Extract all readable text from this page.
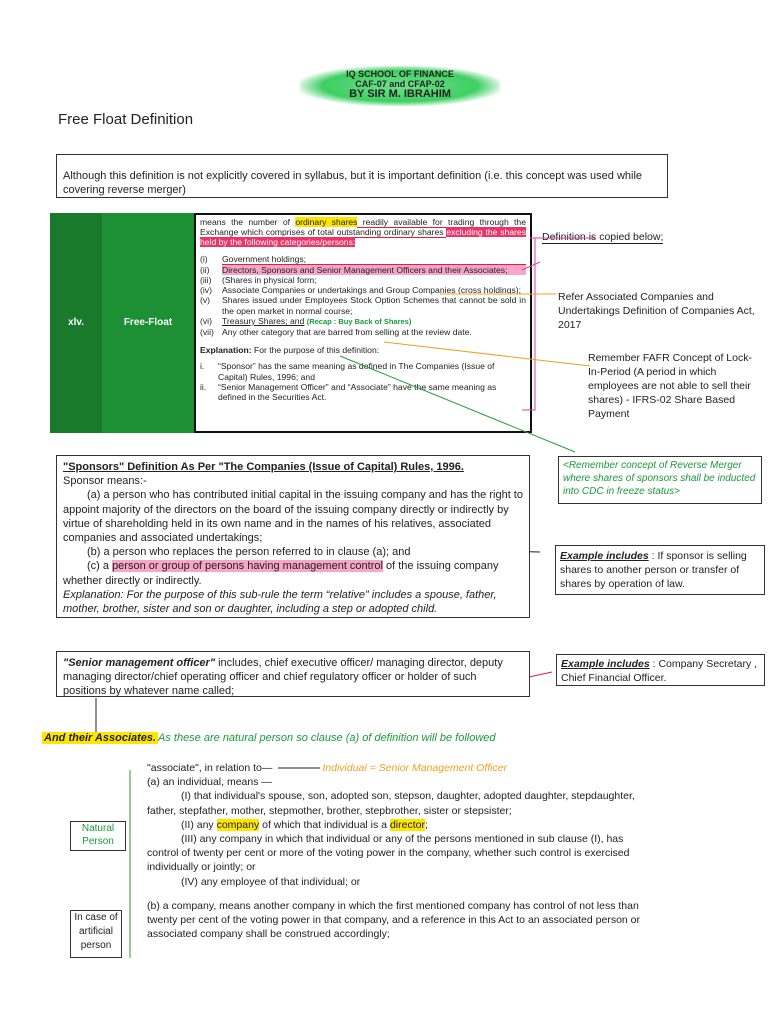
IQ SCHOOL OF FINANCE
CAF-07 and CFAP-02
BY SIR M. IBRAHIM
Free Float Definition
Although this definition is not explicitly covered in syllabus, but it is important definition (i.e. this concept was used while covering reverse merger)
xlv.	Free-Float
means the number of ordinary shares readily available for trading through the Exchange which comprises of total outstanding ordinary shares excluding the shares held by the following categories/persons:
(i)	Government holdings;
(ii)	Directors, Sponsors and Senior Management Officers and their Associates;
(iii)	(Shares in physical form;
(iv)	Associate Companies or undertakings and Group Companies (cross holdings);
(v)	Shares issued under Employees Stock Option Schemes that cannot be sold in the open market in normal course;
(vi)	Treasury Shares; and (Recap : Buy Back of Shares)
(vii) Any other category that are barred from selling at the review date.
Explanation: For the purpose of this definition:
i.	“Sponsor” has the same meaning as defined in The Companies (Issue of Capital) Rules, 1996; and
ii.	“Senior Management Officer” and “Associate” have the same meaning as defined in the Securities Act.
Definition is copied below;
Refer Associated Companies and Undertakings Definition of Companies Act, 2017
Remember FAFR Concept of Lock-In-Period (A period in which employees are not able to sell their shares) - IFRS-02 Share Based Payment
<Remember concept of Reverse Merger where shares of sponsors shall be inducted into CDC in freeze status>
"Sponsors" Definition As Per "The Companies (Issue of Capital) Rules, 1996.
Sponsor means:-
(a) a person who has contributed initial capital in the issuing company and has the right to appoint majority of the directors on the board of the issuing company directly or indirectly by virtue of shareholding held in its own name and in the names of his relatives, associated companies and associated undertakings;
(b) a person who replaces the person referred to in clause (a); and
(c) a person or group of persons having management control of the issuing company whether directly or indirectly.
Explanation: For the purpose of this sub-rule the term “relative” includes a spouse, father, mother, brother, sister and son or daughter, including a step or adopted child.
Example includes : If sponsor is selling shares to another person or transfer of shares by operation of law.
"Senior management officer" includes, chief executive officer/ managing director, deputy managing director/chief operating officer and chief regulatory officer or holder of such positions by whatever name called;
Example includes : Company Secretary , Chief Financial Officer.
And their Associates. As these are natural person so clause (a) of definition will be followed
"associate", in relation to—	Individual = Senior Management Officer
(a) an individual, means —
(I) that individual's spouse, son, adopted son, stepson, daughter, adopted daughter, stepdaughter, father, stepfather, mother, stepmother, brother, stepbrother, sister or stepsister;
(II) any company of which that individual is a director;
(III) any company in which that individual or any of the persons mentioned in sub clause (I), has control of twenty per cent or more of the voting power in the company, whether such control is exercised individually or jointly; or
(IV) any employee of that individual; or
(b) a company, means another company in which the first mentioned company has control of not less than twenty per cent of the voting power in that company, and a reference in this Act to an associated person or associated company shall be construed accordingly;
Natural Person
In case of artificial person
